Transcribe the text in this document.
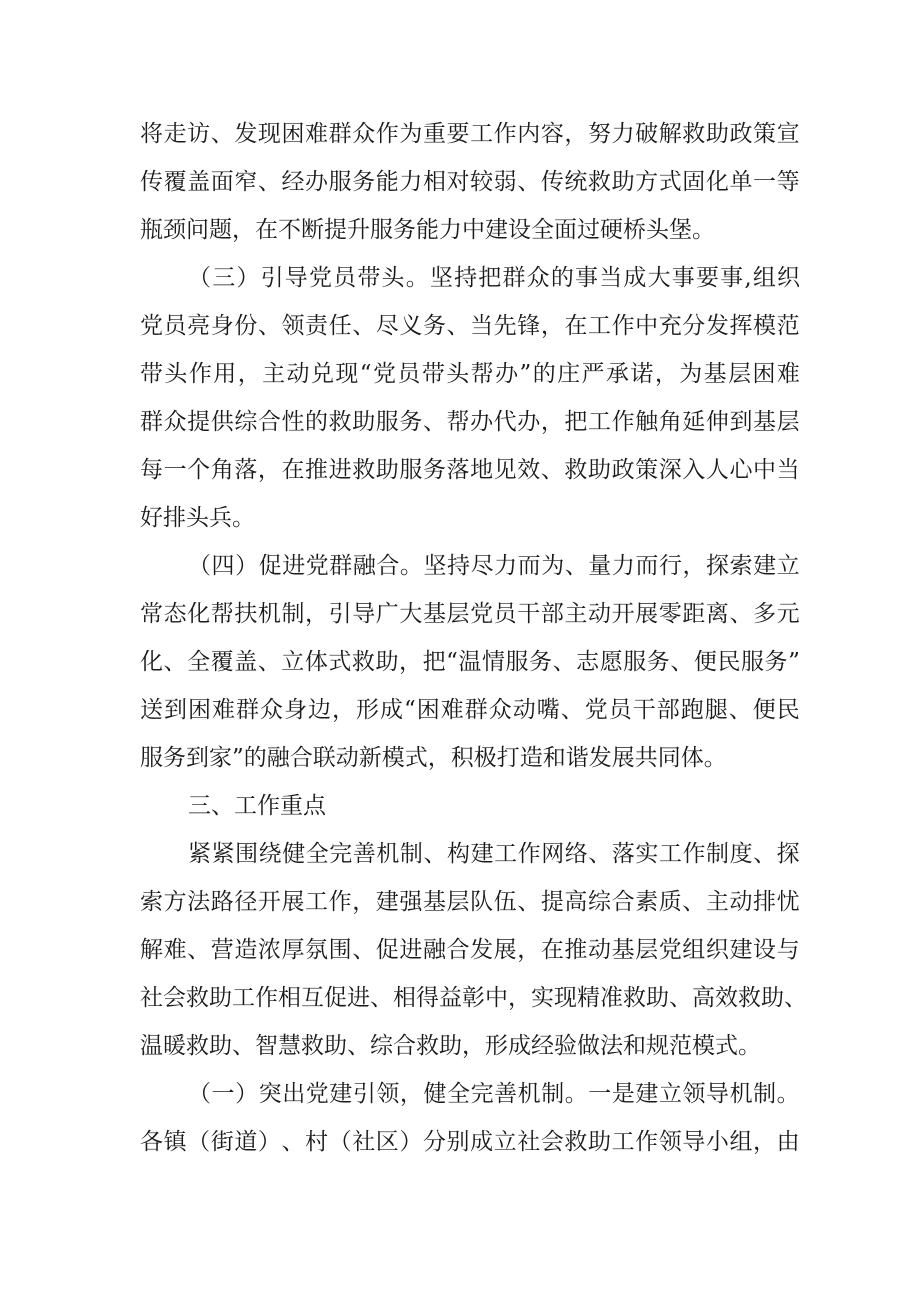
将 走 访 、 发 现 困 难 群 众 作 为 重 要 工 作 内 容 ， 努 力 破 解 救 助 政 策 宣
传 覆 盖 面 窄 、 经 办 服 务 能 力 相 对 较 弱 、 传 统 救 助 方 式 固 化 单 一 等
瓶颈问题，在不断提升服务能力中建设全面过硬桥头堡。
（ 三 ） 引 导 党 员 带 头 。 坚 持 把 群 众 的 事 当 成 大 事 要 事 , 组 织
党 员 亮 身 份 、 领 责 任 、 尽 义 务 、 当 先 锋 ， 在 工 作 中 充 分 发 挥 模 范
带 头 作 用 ， 主 动 兑 现 “ 党 员 带 头 帮 办 ” 的 庄 严 承 诺 ， 为 基 层 困 难
群 众 提 供 综 合 性 的 救 助 服 务 、 帮 办 代 办 ， 把 工 作 触 角 延 伸 到 基 层
每 一 个 角 落 ， 在 推 进 救 助 服 务 落 地 见 效 、 救 助 政 策 深 入 人 心 中 当
好排头兵。
（ 四 ） 促 进 党 群 融 合 。 坚 持 尽 力 而 为 、 量 力 而 行 ， 探 索 建 立
常 态 化 帮 扶 机 制 ， 引 导 广 大 基 层 党 员 干 部 主 动 开 展 零 距 离 、 多 元
化 、 全 覆 盖 、 立 体 式 救 助 ， 把 “ 温 情 服 务 、 志 愿 服 务 、 便 民 服 务 ”
送 到 困 难 群 众 身 边 ， 形 成 “ 困 难 群 众 动 嘴 、 党 员 干 部 跑 腿 、 便 民
服务到家”的融合联动新模式，积极打造和谐发展共同体。
三、工作重点
紧 紧 围 绕 健 全 完 善 机 制 、 构 建 工 作 网 络 、 落 实 工 作 制 度 、 探
索 方 法 路 径 开 展 工 作 ， 建 强 基 层 队 伍 、 提 高 综 合 素 质 、 主 动 排 忧
解 难 、 营 造 浓 厚 氛 围 、 促 进 融 合 发 展 ， 在 推 动 基 层 党 组 织 建 设 与
社 会 救 助 工 作 相 互 促 进 、 相 得 益 彰 中 ， 实 现 精 准 救 助 、 高 效 救 助 、
温暖救助、智慧救助、综合救助，形成经验做法和规范模式。
（ 一 ） 突 出 党 建 引 领 ， 健 全 完 善 机 制 。 一 是 建 立 领 导 机 制 。
各 镇 （ 街 道 ） 、 村 （ 社 区 ） 分 别 成 立 社 会 救 助 工 作 领 导 小 组 ， 由
